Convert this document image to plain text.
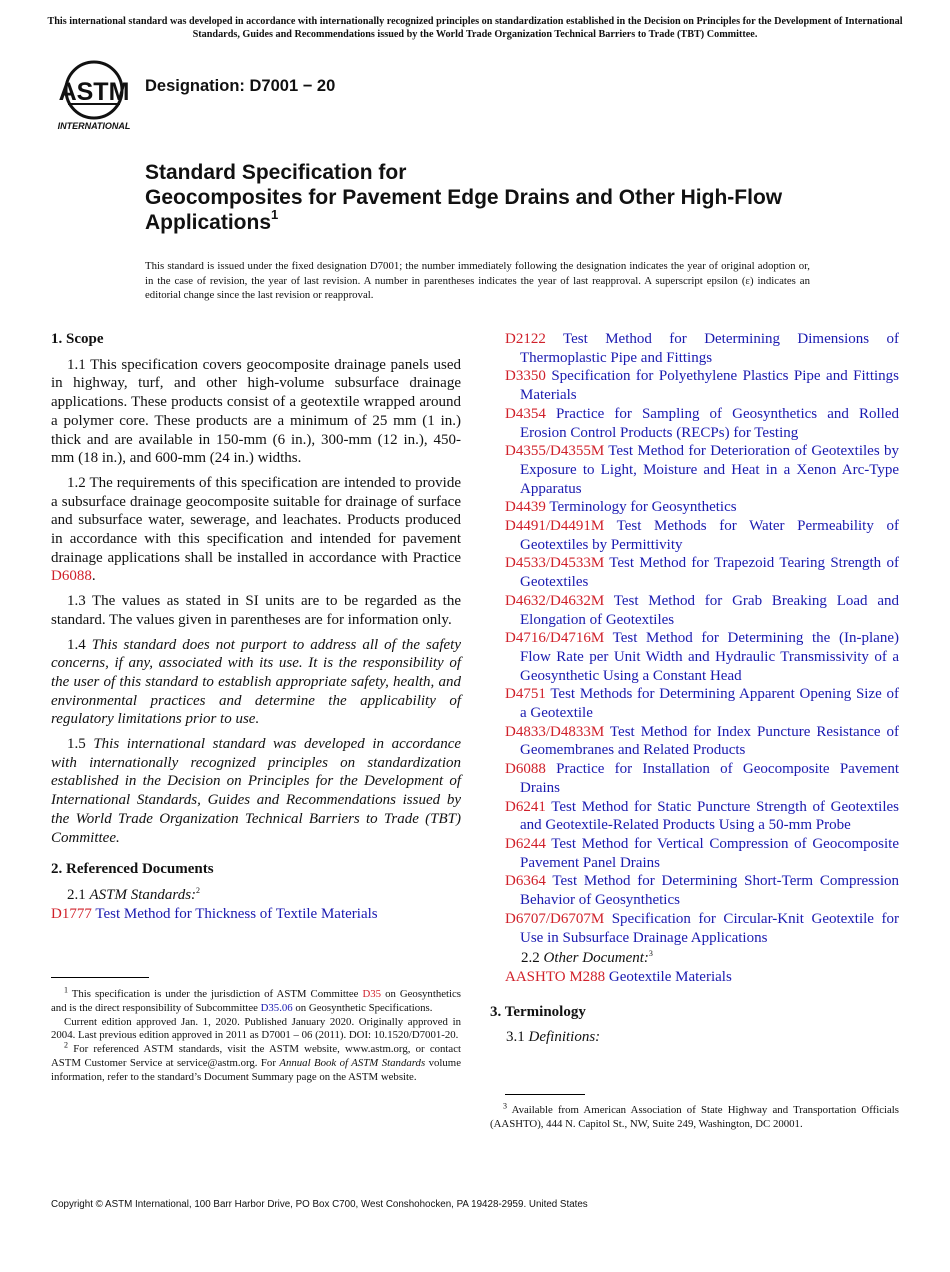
This international standard was developed in accordance with internationally recognized principles on standardization established in the Decision on Principles for the Development of International Standards, Guides and Recommendations issued by the World Trade Organization Technical Barriers to Trade (TBT) Committee.
ASTM
INTERNATIONAL
Designation: D7001 − 20
Standard Specification for
Geocomposites for Pavement Edge Drains and Other High-Flow Applications$^1$
This standard is issued under the fixed designation D7001; the number immediately following the designation indicates the year of original adoption or, in the case of revision, the year of last revision. A number in parentheses indicates the year of last reapproval. A superscript epsilon (ε) indicates an editorial change since the last revision or reapproval.
1. Scope
1.1 This specification covers geocomposite drainage panels used in highway, turf, and other high-volume subsurface drainage applications. These products consist of a geotextile wrapped around a polymer core. These products are a minimum of 25 mm (1 in.) thick and are available in 150-mm (6 in.), 300-mm (12 in.), 450-mm (18 in.), and 600-mm (24 in.) widths.
1.2 The requirements of this specification are intended to provide a subsurface drainage geocomposite suitable for drainage of surface and subsurface water, sewerage, and leachates. Products produced in accordance with this specification and intended for pavement drainage applications shall be installed in accordance with Practice D6088.
1.3 The values as stated in SI units are to be regarded as the standard. The values given in parentheses are for information only.
1.4 This standard does not purport to address all of the safety concerns, if any, associated with its use. It is the responsibility of the user of this standard to establish appropriate safety, health, and environmental practices and determine the applicability of regulatory limitations prior to use.
1.5 This international standard was developed in accordance with internationally recognized principles on standardization established in the Decision on Principles for the Development of International Standards, Guides and Recommendations issued by the World Trade Organization Technical Barriers to Trade (TBT) Committee.
2. Referenced Documents
2.1 ASTM Standards:$^2$
D1777 Test Method for Thickness of Textile Materials

$^1$ This specification is under the jurisdiction of ASTM Committee D35 on Geosynthetics and is the direct responsibility of Subcommittee D35.06 on Geosynthetic Specifications.

Current edition approved Jan. 1, 2020. Published January 2020. Originally approved in 2004. Last previous edition approved in 2011 as D7001 – 06 (2011). DOI: 10.1520/D7001-20.

$^2$ For referenced ASTM standards, visit the ASTM website, www.astm.org, or contact ASTM Customer Service at service@astm.org. For Annual Book of ASTM Standards volume information, refer to the standard’s Document Summary page on the ASTM website.

D2122 Test Method for Determining Dimensions of Thermoplastic Pipe and Fittings
D3350 Specification for Polyethylene Plastics Pipe and Fittings Materials
D4354 Practice for Sampling of Geosynthetics and Rolled Erosion Control Products (RECPs) for Testing
D4355/D4355M Test Method for Deterioration of Geotextiles by Exposure to Light, Moisture and Heat in a Xenon Arc-Type Apparatus
D4439 Terminology for Geosynthetics
D4491/D4491M Test Methods for Water Permeability of Geotextiles by Permittivity
D4533/D4533M Test Method for Trapezoid Tearing Strength of Geotextiles
D4632/D4632M Test Method for Grab Breaking Load and Elongation of Geotextiles
D4716/D4716M Test Method for Determining the (In-plane) Flow Rate per Unit Width and Hydraulic Transmissivity of a Geosynthetic Using a Constant Head
D4751 Test Methods for Determining Apparent Opening Size of a Geotextile
D4833/D4833M Test Method for Index Puncture Resistance of Geomembranes and Related Products
D6088 Practice for Installation of Geocomposite Pavement Drains
D6241 Test Method for Static Puncture Strength of Geotextiles and Geotextile-Related Products Using a 50-mm Probe
D6244 Test Method for Vertical Compression of Geocomposite Pavement Panel Drains
D6364 Test Method for Determining Short-Term Compression Behavior of Geosynthetics
D6707/D6707M Specification for Circular-Knit Geotextile for Use in Subsurface Drainage Applications
2.2 Other Document:$^3$
AASHTO M288 Geotextile Materials
3. Terminology
3.1 Definitions:

$^3$ Available from American Association of State Highway and Transportation Officials (AASHTO), 444 N. Capitol St., NW, Suite 249, Washington, DC 20001.

Copyright © ASTM International, 100 Barr Harbor Drive, PO Box C700, West Conshohocken, PA 19428-2959. United States
